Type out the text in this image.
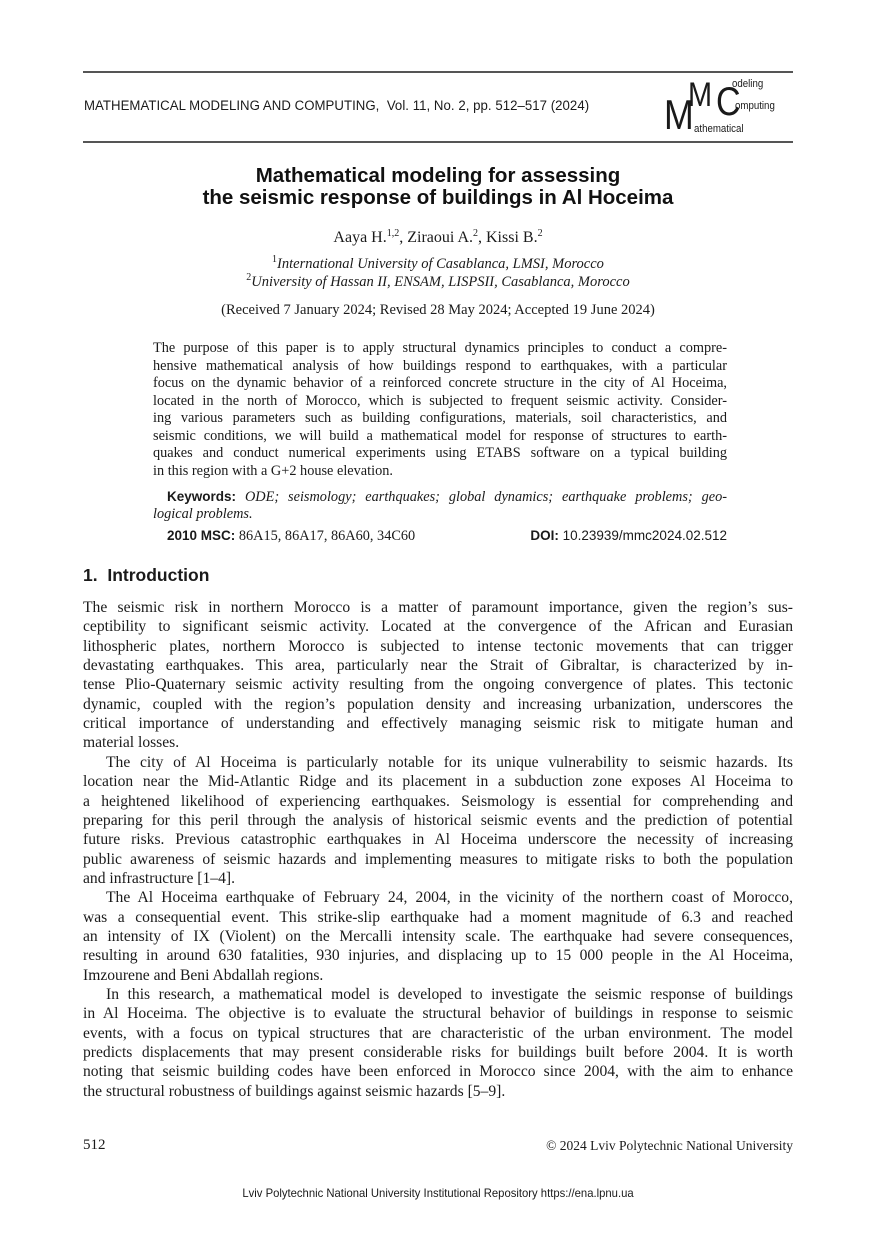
MATHEMATICAL MODELING AND COMPUTING, Vol. 11, No. 2, pp. 512–517 (2024) M
M C
odeling
omputing
athematical
Mathematical modeling for assessing
the seismic response of buildings in Al Hoceima
Aaya H.$^{1,2}$, Ziraoui A.$^2$, Kissi B.$^2$
$^1$International University of Casablanca, LMSI, Morocco
$^2$University of Hassan II, ENSAM, LISPSII, Casablanca, Morocco
(Received 7 January 2024; Revised 28 May 2024; Accepted 19 June 2024)
The purpose of this paper is to apply structural dynamics principles to conduct a compre-
hensive mathematical analysis of how buildings respond to earthquakes, with a particular
focus on the dynamic behavior of a reinforced concrete structure in the city of Al Hoceima,
located in the north of Morocco, which is subjected to frequent seismic activity. Consider-
ing various parameters such as building configurations, materials, soil characteristics, and
seismic conditions, we will build a mathematical model for response of structures to earth-
quakes and conduct numerical experiments using ETABS software on a typical building
in this region with a G+2 house elevation.
Keywords: ODE; seismology; earthquakes; global dynamics; earthquake problems; geo-
logical problems.
2010 MSC: 86A15, 86A17, 86A60, 34C60	DOI: 10.23939/mmc2024.02.512
1. Introduction
The seismic risk in northern Morocco is a matter of paramount importance, given the region’s sus-
ceptibility to significant seismic activity. Located at the convergence of the African and Eurasian
lithospheric plates, northern Morocco is subjected to intense tectonic movements that can trigger
devastating earthquakes. This area, particularly near the Strait of Gibraltar, is characterized by in-
tense Plio-Quaternary seismic activity resulting from the ongoing convergence of plates. This tectonic
dynamic, coupled with the region’s population density and increasing urbanization, underscores the
critical importance of understanding and effectively managing seismic risk to mitigate human and
material losses.
The city of Al Hoceima is particularly notable for its unique vulnerability to seismic hazards. Its
location near the Mid-Atlantic Ridge and its placement in a subduction zone exposes Al Hoceima to
a heightened likelihood of experiencing earthquakes. Seismology is essential for comprehending and
preparing for this peril through the analysis of historical seismic events and the prediction of potential
future risks. Previous catastrophic earthquakes in Al Hoceima underscore the necessity of increasing
public awareness of seismic hazards and implementing measures to mitigate risks to both the population
and infrastructure [1–4].
The Al Hoceima earthquake of February 24, 2004, in the vicinity of the northern coast of Morocco,
was a consequential event. This strike-slip earthquake had a moment magnitude of 6.3 and reached
an intensity of IX (Violent) on the Mercalli intensity scale. The earthquake had severe consequences,
resulting in around 630 fatalities, 930 injuries, and displacing up to 15 000 people in the Al Hoceima,
Imzourene and Beni Abdallah regions.
In this research, a mathematical model is developed to investigate the seismic response of buildings
in Al Hoceima. The objective is to evaluate the structural behavior of buildings in response to seismic
events, with a focus on typical structures that are characteristic of the urban environment. The model
predicts displacements that may present considerable risks for buildings built before 2004. It is worth
noting that seismic building codes have been enforced in Morocco since 2004, with the aim to enhance
the structural robustness of buildings against seismic hazards [5–9].
512	© 2024 Lviv Polytechnic National University
Lviv Polytechnic National University Institutional Repository https://ena.lpnu.ua
